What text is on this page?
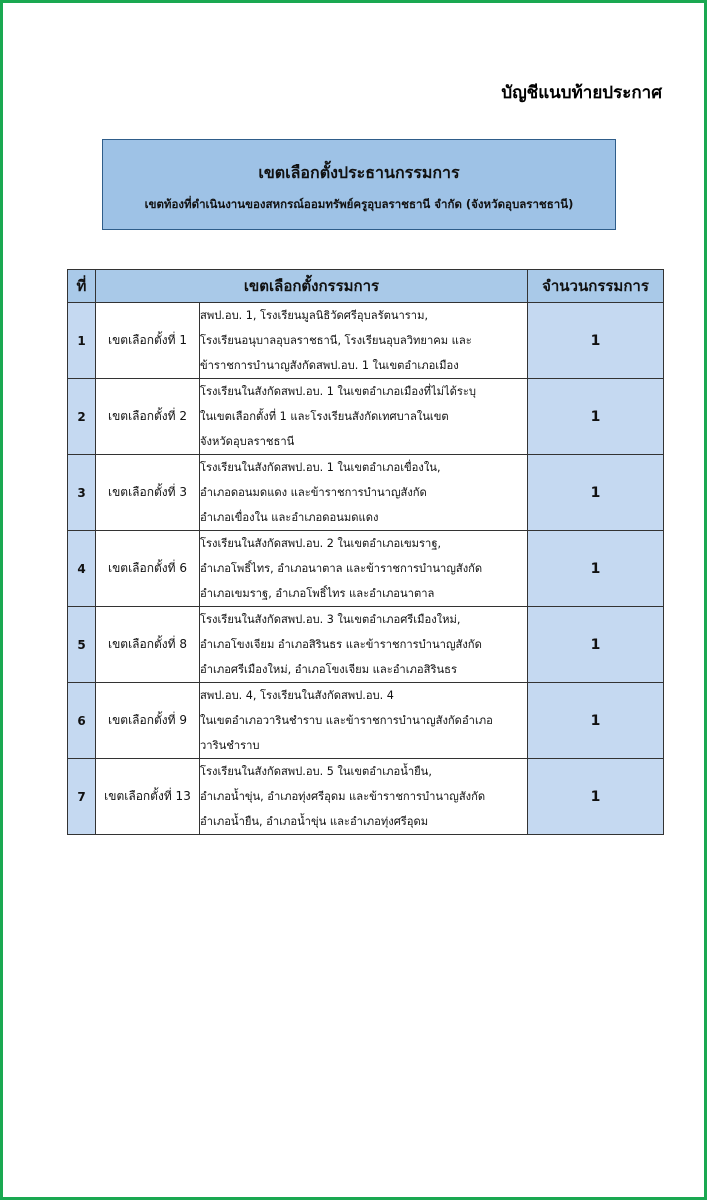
บัญชีแนบท้ายประกาศ
เขตเลือกตั้งประธานกรรมการ
เขตท้องที่ดำเนินงานของสหกรณ์ออมทรัพย์ครูอุบลราชธานี จำกัด (จังหวัดอุบลราชธานี)
ที่	เขตเลือกตั้งกรรมการ		จำนวนกรรมการ
1	เขตเลือกตั้งที่ 1	สพป.อบ. 1, โรงเรียนมูลนิธิวัดศรีอุบลรัตนาราม,
โรงเรียนอนุบาลอุบลราชธานี, โรงเรียนอุบลวิทยาคม และ
ข้าราชการบำนาญสังกัดสพป.อบ. 1 ในเขตอำเภอเมือง	1
2	เขตเลือกตั้งที่ 2	โรงเรียนในสังกัดสพป.อบ. 1 ในเขตอำเภอเมืองที่ไม่ได้ระบุ
ในเขตเลือกตั้งที่ 1 และโรงเรียนสังกัดเทศบาลในเขต
จังหวัดอุบลราชธานี	1
3	เขตเลือกตั้งที่ 3	โรงเรียนในสังกัดสพป.อบ. 1 ในเขตอำเภอเขื่องใน,
อำเภอดอนมดแดง และข้าราชการบำนาญสังกัด
อำเภอเขื่องใน และอำเภอดอนมดแดง	1
4	เขตเลือกตั้งที่ 6	โรงเรียนในสังกัดสพป.อบ. 2 ในเขตอำเภอเขมราฐ,
อำเภอโพธิ์ไทร, อำเภอนาตาล และข้าราชการบำนาญสังกัด
อำเภอเขมราฐ, อำเภอโพธิ์ไทร และอำเภอนาตาล	1
5	เขตเลือกตั้งที่ 8	โรงเรียนในสังกัดสพป.อบ. 3 ในเขตอำเภอศรีเมืองใหม่,
อำเภอโขงเจียม อำเภอสิรินธร และข้าราชการบำนาญสังกัด
อำเภอศรีเมืองใหม่, อำเภอโขงเจียม และอำเภอสิรินธร	1
6	เขตเลือกตั้งที่ 9	สพป.อบ. 4, โรงเรียนในสังกัดสพป.อบ. 4
ในเขตอำเภอวารินชำราบ และข้าราชการบำนาญสังกัดอำเภอ
วารินชำราบ	1
7	เขตเลือกตั้งที่ 13	โรงเรียนในสังกัดสพป.อบ. 5 ในเขตอำเภอน้ำยืน,
อำเภอน้ำขุ่น, อำเภอทุ่งศรีอุดม และข้าราชการบำนาญสังกัด
อำเภอน้ำยืน, อำเภอน้ำขุ่น และอำเภอทุ่งศรีอุดม	1
